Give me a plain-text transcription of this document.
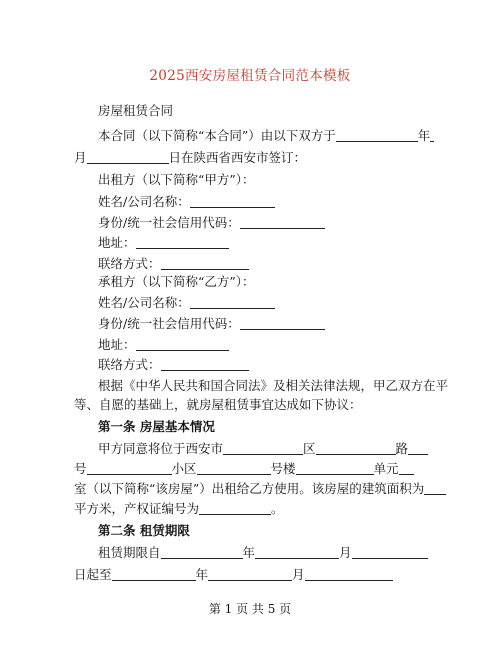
2025西安房屋租赁合同范本模板
房屋租赁合同
本合同（以下简称“本合同”）由以下双方于	年
月	日在陕西省西安市签订：
出租方（以下简称“甲方”）：
姓名/公司名称：
身份/统一社会信用代码：
地址：
联络方式：
承租方（以下简称“乙方”）：
姓名/公司名称：
身份/统一社会信用代码：
地址：
联络方式：
根据《中华人民共和国合同法》及相关法律法规，甲乙双方在平
等、自愿的基础上，就房屋租赁事宜达成如下协议：
第一条 房屋基本情况
甲方同意将位于西安市	区	路
号	小区	号楼	单元
室（以下简称“该房屋”）出租给乙方使用。该房屋的建筑面积为
平方米，产权证编号为	。
第二条 租赁期限
租赁期限自	年	月
日起至	年	月
第 1 页 共 5 页
